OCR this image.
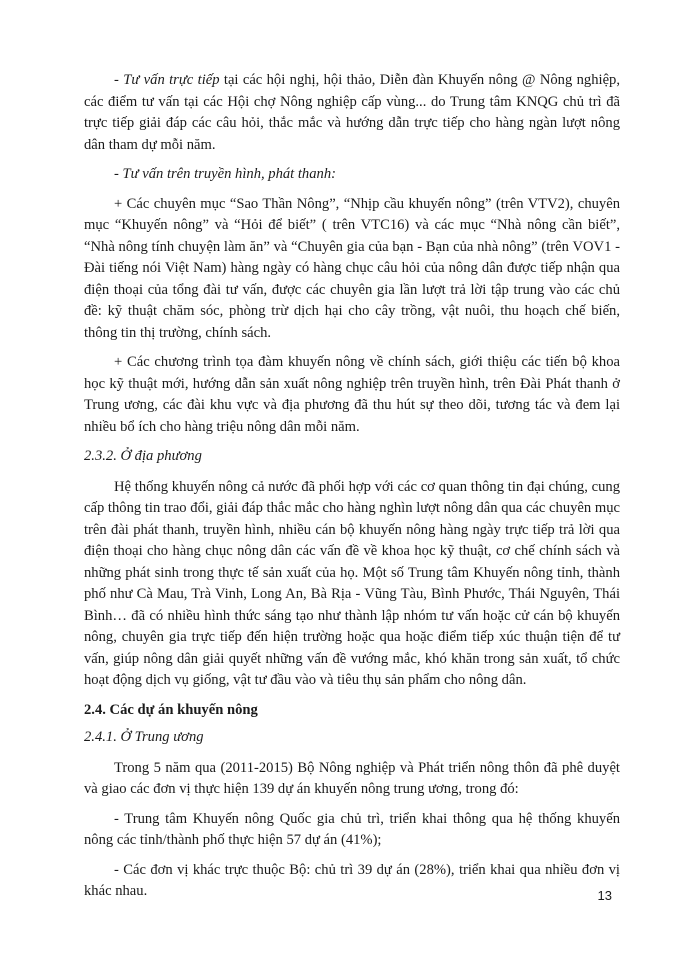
- Tư vấn trực tiếp tại các hội nghị, hội thảo, Diễn đàn Khuyến nông @ Nông nghiệp, các điểm tư vấn tại các Hội chợ Nông nghiệp cấp vùng... do Trung tâm KNQG chủ trì đã trực tiếp giải đáp các câu hỏi, thắc mắc và hướng dẫn trực tiếp cho hàng ngàn lượt nông dân tham dự mỗi năm.

- Tư vấn trên truyền hình, phát thanh:

+ Các chuyên mục “Sao Thần Nông”, “Nhịp cầu khuyến nông” (trên VTV2), chuyên mục “Khuyến nông” và “Hỏi để biết” ( trên VTC16) và các mục “Nhà nông cần biết”, “Nhà nông tính chuyện làm ăn” và “Chuyên gia của bạn - Bạn của nhà nông” (trên VOV1 - Đài tiếng nói Việt Nam) hàng ngày có hàng chục câu hỏi của nông dân được tiếp nhận qua điện thoại của tổng đài tư vấn, được các chuyên gia lần lượt trả lời tập trung vào các chủ đề: kỹ thuật chăm sóc, phòng trừ dịch hại cho cây trồng, vật nuôi, thu hoạch chế biến, thông tin thị trường, chính sách.

+ Các chương trình tọa đàm khuyến nông về chính sách, giới thiệu các tiến bộ khoa học kỹ thuật mới, hướng dẫn sản xuất nông nghiệp trên truyền hình, trên Đài Phát thanh ở Trung ương, các đài khu vực và địa phương đã thu hút sự theo dõi, tương tác và đem lại nhiều bổ ích cho hàng triệu nông dân mỗi năm.

2.3.2. Ở địa phương

Hệ thống khuyến nông cả nước đã phối hợp với các cơ quan thông tin đại chúng, cung cấp thông tin trao đổi, giải đáp thắc mắc cho hàng nghìn lượt nông dân qua các chuyên mục trên đài phát thanh, truyền hình, nhiều cán bộ khuyến nông hàng ngày trực tiếp trả lời qua điện thoại cho hàng chục nông dân các vấn đề về khoa học kỹ thuật, cơ chế chính sách và những phát sinh trong thực tế sản xuất của họ. Một số Trung tâm Khuyến nông tỉnh, thành phố như Cà Mau, Trà Vinh, Long An, Bà Rịa - Vũng Tàu, Bình Phước, Thái Nguyên, Thái Bình… đã có nhiều hình thức sáng tạo như thành lập nhóm tư vấn hoặc cử cán bộ khuyến nông, chuyên gia trực tiếp đến hiện trường hoặc qua hoặc điểm tiếp xúc thuận tiện để tư vấn, giúp nông dân giải quyết những vấn đề vướng mắc, khó khăn trong sản xuất, tổ chức hoạt động dịch vụ giống, vật tư đầu vào và tiêu thụ sản phẩm cho nông dân.

2.4. Các dự án khuyến nông

2.4.1. Ở Trung ương

Trong 5 năm qua (2011-2015) Bộ Nông nghiệp và Phát triển nông thôn đã phê duyệt và giao các đơn vị thực hiện 139 dự án khuyến nông trung ương, trong đó:

- Trung tâm Khuyến nông Quốc gia chủ trì, triển khai thông qua hệ thống khuyến nông các tỉnh/thành phố thực hiện 57 dự án (41%);

- Các đơn vị khác trực thuộc Bộ: chủ trì 39 dự án (28%), triển khai qua nhiều đơn vị khác nhau.	13
